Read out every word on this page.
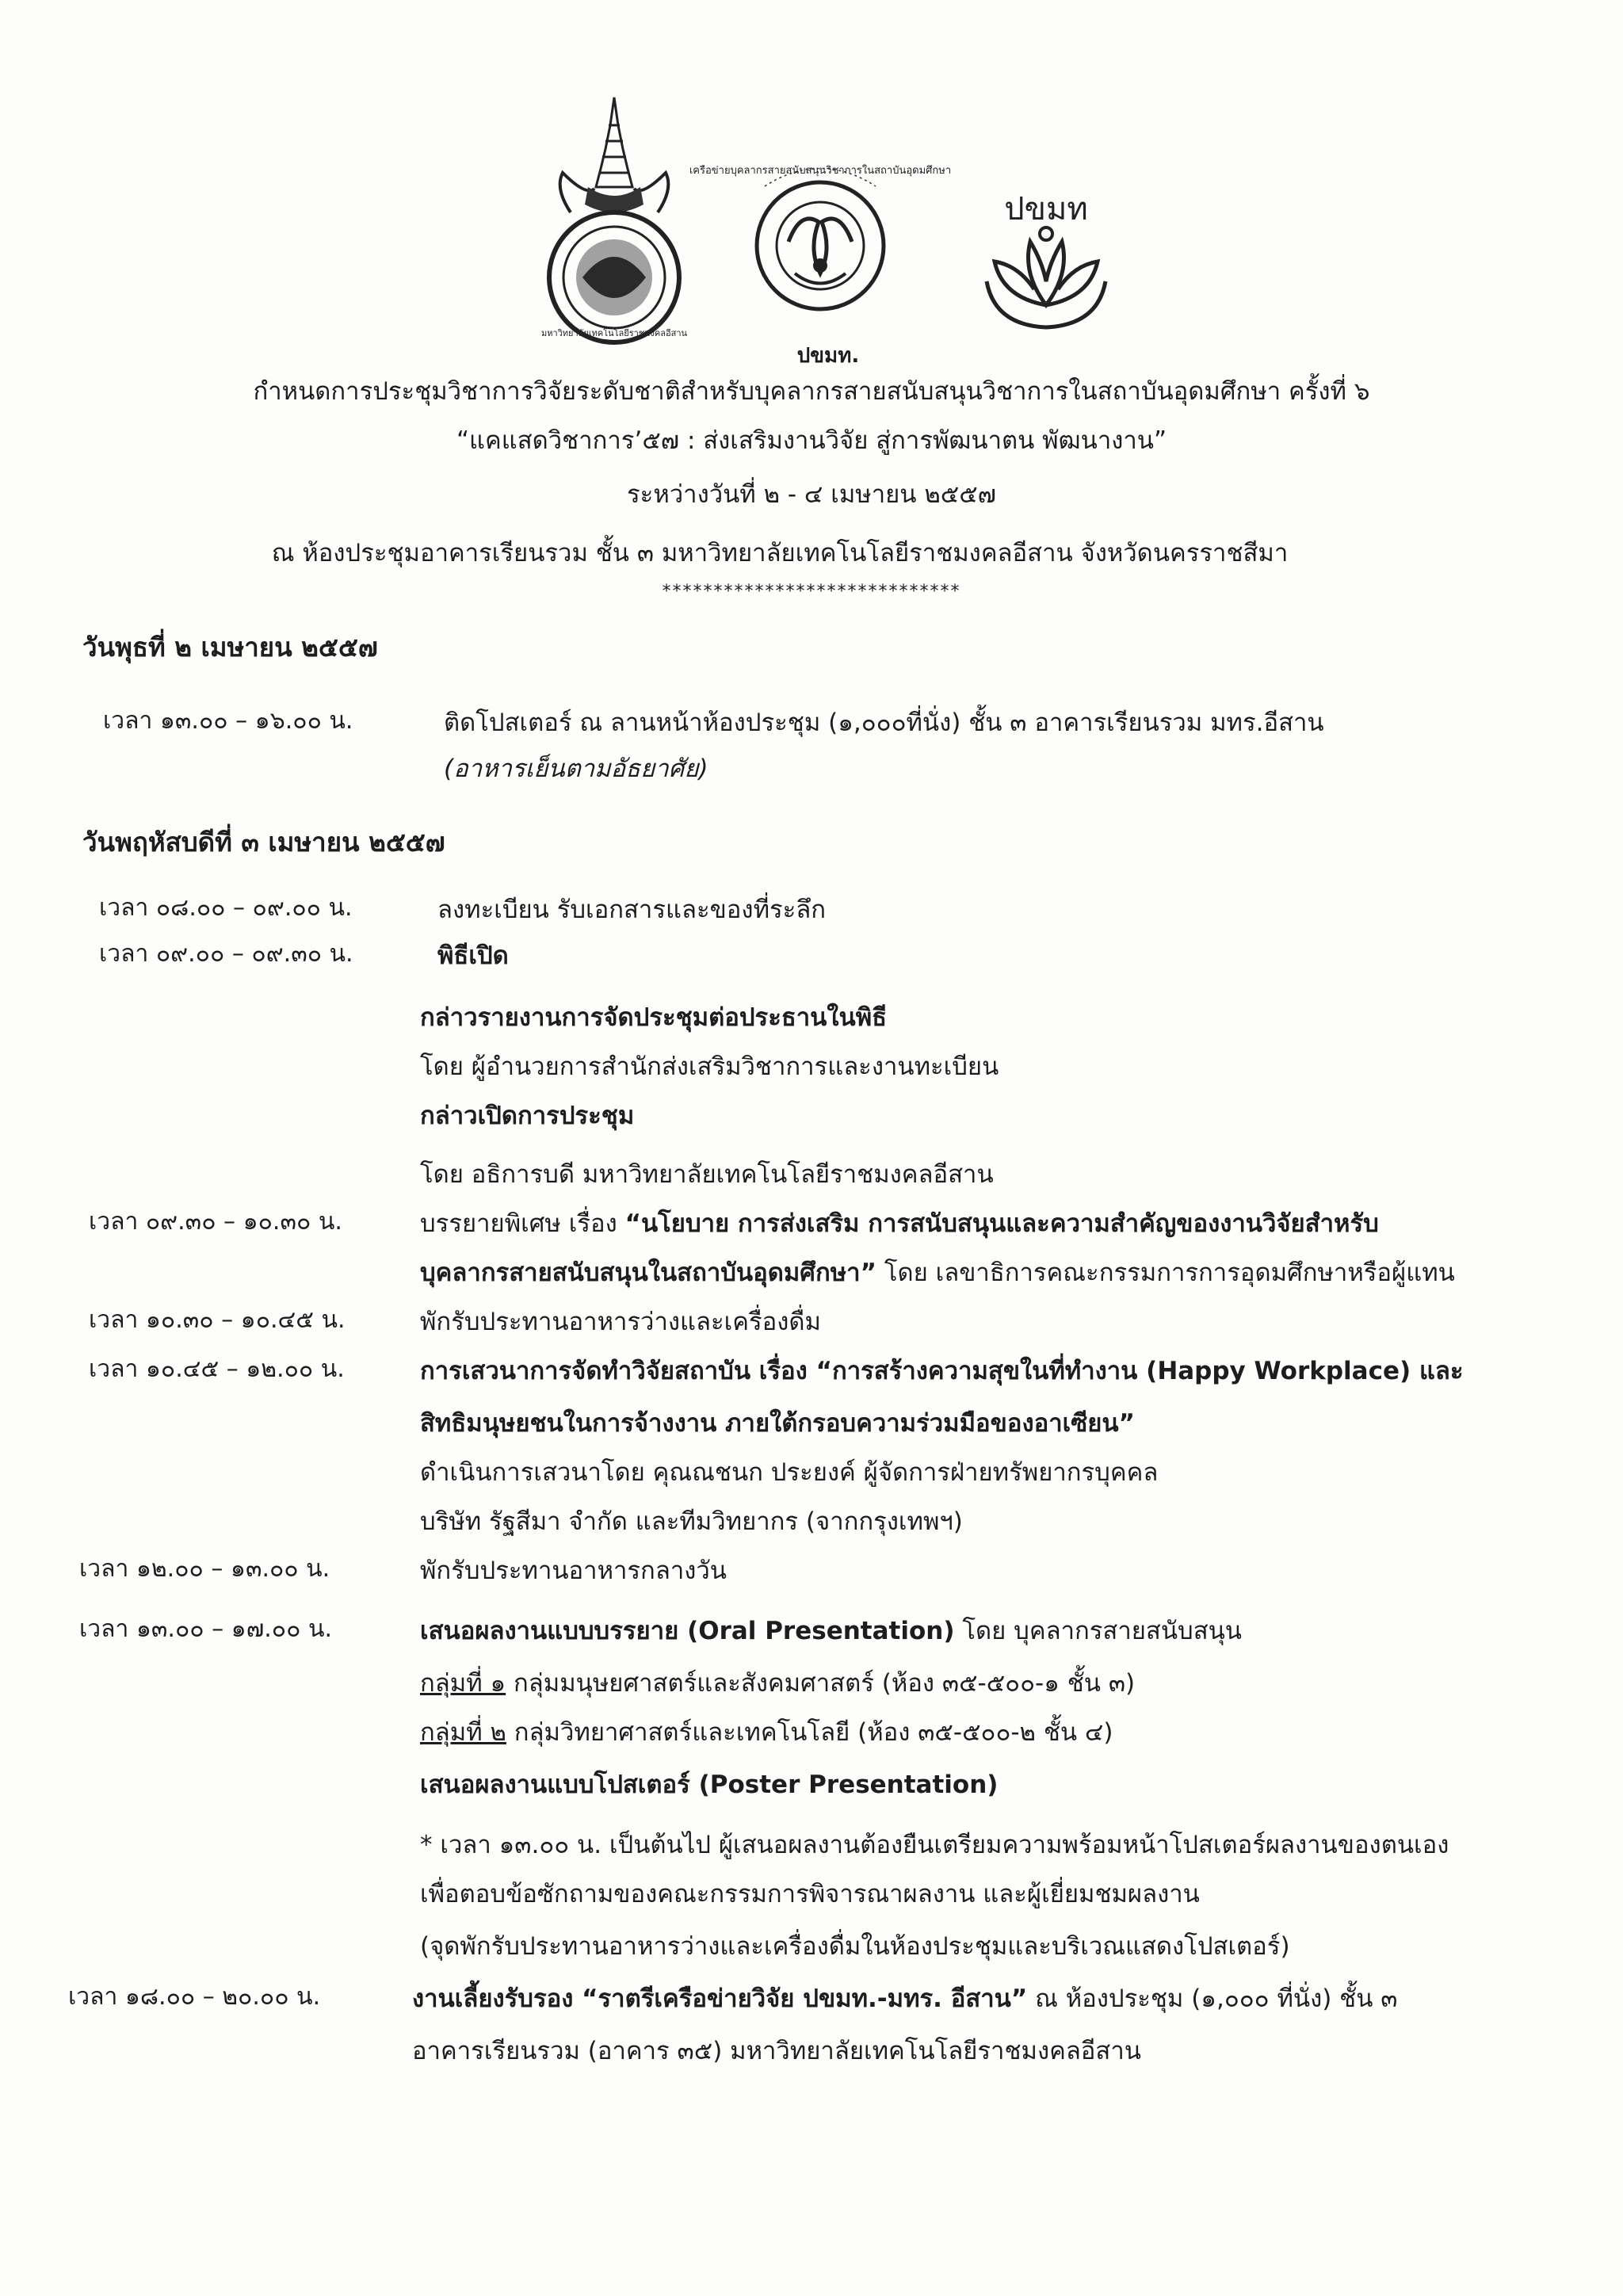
มหาวิทยาลัยเทคโนโลยีราชมงคลอีสาน
เครือข่ายบุคลากรสายสนับสนุนวิชาการในสถาบันอุดมศึกษา
ปขมท
ปขมท.
กำหนดการประชุมวิชาการวิจัยระดับชาติสำหรับบุคลากรสายสนับสนุนวิชาการในสถาบันอุดมศึกษา ครั้งที่ ๖
“แคแสดวิชาการ’๕๗ : ส่งเสริมงานวิจัย สู่การพัฒนาตน พัฒนางาน”
ระหว่างวันที่ ๒ - ๔ เมษายน ๒๕๕๗
ณ ห้องประชุมอาคารเรียนรวม ชั้น ๓ มหาวิทยาลัยเทคโนโลยีราชมงคลอีสาน จังหวัดนครราชสีมา
*****************************
วันพุธที่ ๒ เมษายน ๒๕๕๗
เวลา ๑๓.๐๐ – ๑๖.๐๐ น.	ติดโปสเตอร์ ณ ลานหน้าห้องประชุม (๑,๐๐๐ที่นั่ง) ชั้น ๓ อาคารเรียนรวม มทร.อีสาน
(อาหารเย็นตามอัธยาศัย)
วันพฤหัสบดีที่ ๓ เมษายน ๒๕๕๗
เวลา ๐๘.๐๐ – ๐๙.๐๐ น.	ลงทะเบียน รับเอกสารและของที่ระลึก
เวลา ๐๙.๐๐ – ๐๙.๓๐ น.	พิธีเปิด
กล่าวรายงานการจัดประชุมต่อประธานในพิธี
โดย ผู้อำนวยการสำนักส่งเสริมวิชาการและงานทะเบียน
กล่าวเปิดการประชุม
โดย อธิการบดี มหาวิทยาลัยเทคโนโลยีราชมงคลอีสาน
เวลา ๐๙.๓๐ – ๑๐.๓๐ น.	บรรยายพิเศษ เรื่อง “นโยบาย การส่งเสริม การสนับสนุนและความสำคัญของงานวิจัยสำหรับ
บุคลากรสายสนับสนุนในสถาบันอุดมศึกษา” โดย เลขาธิการคณะกรรมการการอุดมศึกษาหรือผู้แทน
เวลา ๑๐.๓๐ – ๑๐.๔๕ น.	พักรับประทานอาหารว่างและเครื่องดื่ม
เวลา ๑๐.๔๕ – ๑๒.๐๐ น.	การเสวนาการจัดทำวิจัยสถาบัน เรื่อง “การสร้างความสุขในที่ทำงาน (Happy Workplace) และ
สิทธิมนุษยชนในการจ้างงาน ภายใต้กรอบความร่วมมือของอาเซียน”
ดำเนินการเสวนาโดย คุณณชนก ประยงค์ ผู้จัดการฝ่ายทรัพยากรบุคคล
บริษัท รัฐสีมา จำกัด และทีมวิทยากร (จากกรุงเทพฯ)
เวลา ๑๒.๐๐ – ๑๓.๐๐ น.	พักรับประทานอาหารกลางวัน
เวลา ๑๓.๐๐ – ๑๗.๐๐ น.	เสนอผลงานแบบบรรยาย (Oral Presentation) โดย บุคลากรสายสนับสนุน
กลุ่มที่ ๑ กลุ่มมนุษยศาสตร์และสังคมศาสตร์ (ห้อง ๓๕-๕๐๐-๑ ชั้น ๓)
กลุ่มที่ ๒ กลุ่มวิทยาศาสตร์และเทคโนโลยี (ห้อง ๓๕-๕๐๐-๒ ชั้น ๔)
เสนอผลงานแบบโปสเตอร์ (Poster Presentation)
* เวลา ๑๓.๐๐ น. เป็นต้นไป ผู้เสนอผลงานต้องยืนเตรียมความพร้อมหน้าโปสเตอร์ผลงานของตนเอง
เพื่อตอบข้อซักถามของคณะกรรมการพิจารณาผลงาน และผู้เยี่ยมชมผลงาน
(จุดพักรับประทานอาหารว่างและเครื่องดื่มในห้องประชุมและบริเวณแสดงโปสเตอร์)
เวลา ๑๘.๐๐ – ๒๐.๐๐ น.	งานเลี้ยงรับรอง “ราตรีเครือข่ายวิจัย ปขมท.-มทร. อีสาน” ณ ห้องประชุม (๑,๐๐๐ ที่นั่ง) ชั้น ๓
อาคารเรียนรวม (อาคาร ๓๕) มหาวิทยาลัยเทคโนโลยีราชมงคลอีสาน
